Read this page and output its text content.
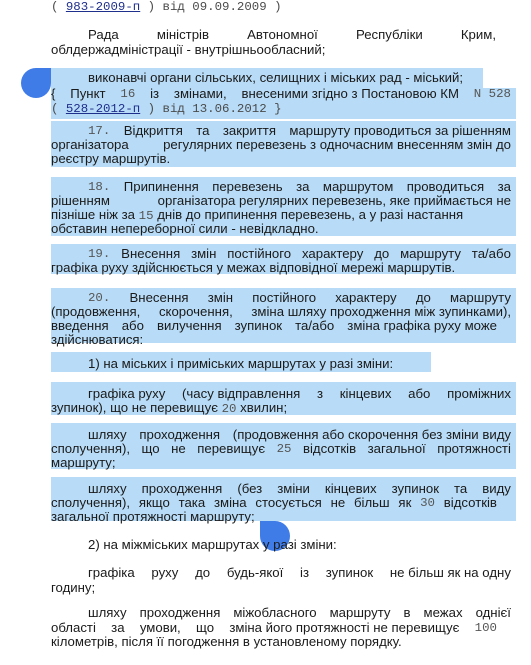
( 983-2009-п ) від 09.09.2009 )
Рада	міністрів	Автономної	Республіки	Крим,
облдержадміністрації - внутрішньообласний;
виконавчі органи сільських, селищних і міських рад - міський;
{ Пункт 16 із змінами, внесеними згідно з Постановою КМ N 528
( 528-2012-п ) від 13.06.2012 }
17. Відкриття та закриття маршруту проводиться за рішенням
організатора	регулярних перевезень з одночасним внесенням змін до
реєстру маршрутів.
18. Припинення перевезень за маршрутом проводиться за
рішенням	організатора регулярних перевезень, яке приймається не
пізніше ніж за 15 днів до припинення перевезень, а у разі настання
обставин непереборної сили - невідкладно.
19. Внесення змін постійного характеру до маршруту та/або
графіка руху здійснюється у межах відповідної мережі маршрутів.
20. Внесення змін постійного характеру до маршруту
(продовження, скорочення, зміна шляху проходження між зупинками),
введення або вилучення зупинок та/або зміна графіка руху може
здійснюватися:
1) на міських і приміських маршрутах у разі зміни:
графіка руху (часу відправлення з кінцевих або проміжних
зупинок), що не перевищує 20 хвилин;
шляху проходження (продовження або скорочення без зміни виду
сполучення), що не перевищує 25 відсотків загальної протяжності
маршруту;
шляху проходження (без зміни кінцевих зупинок та виду
сполучення), якщо така зміна стосується не більш як 30 відсотків
загальної протяжності маршруту;
2) на міжміських маршрутах у разі зміни:
графіка руху до будь-якої із зупинок не більш як на одну
годину;
шляху проходження міжобласного маршруту в межах однієї
області за умови, що зміна його протяжності не перевищує 100
кілометрів, після її погодження в установленому порядку.
